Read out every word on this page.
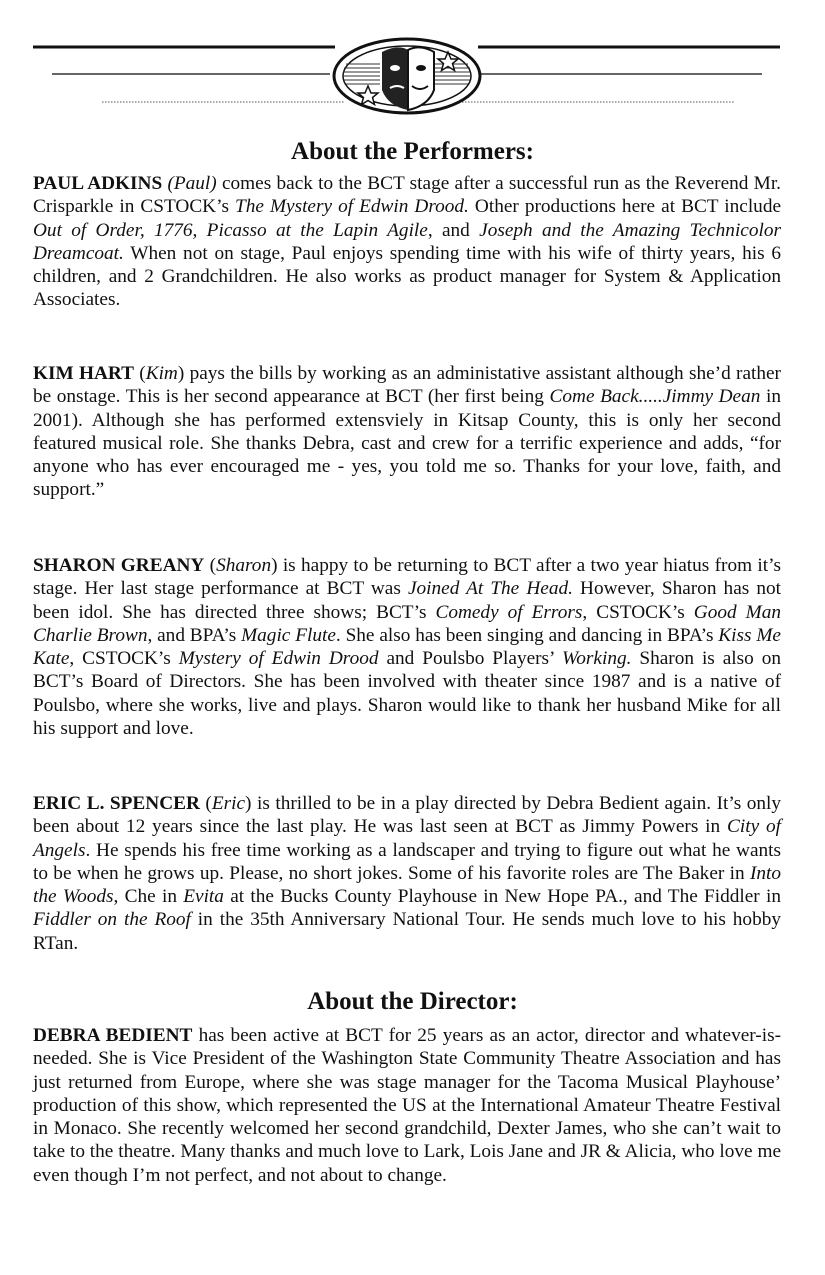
About the Performers:

PAUL ADKINS (Paul) comes back to the BCT stage after a successful run as the Reverend Mr. Crisparkle in CSTOCK’s The Mystery of Edwin Drood. Other productions here at BCT include Out of Order, 1776, Picasso at the Lapin Agile, and Joseph and the Amazing Technicolor Dreamcoat. When not on stage, Paul enjoys spending time with his wife of thirty years, his 6 children, and 2 Grandchildren. He also works as product manager for System & Application Associates.

KIM HART (Kim) pays the bills by working as an administative assistant although she’d rather be onstage. This is her second appearance at BCT (her first being Come Back.....Jimmy Dean in 2001). Although she has performed extensviely in Kitsap County, this is only her second featured musical role. She thanks Debra, cast and crew for a terrific experience and adds, “for anyone who has ever encouraged me - yes, you told me so. Thanks for your love, faith, and support.”

SHARON GREANY (Sharon) is happy to be returning to BCT after a two year hiatus from it’s stage. Her last stage performance at BCT was Joined At The Head. However, Sharon has not been idol. She has directed three shows; BCT’s Comedy of Errors, CSTOCK’s Good Man Charlie Brown, and BPA’s Magic Flute. She also has been singing and dancing in BPA’s Kiss Me Kate, CSTOCK’s Mystery of Edwin Drood and Poulsbo Players’ Working. Sharon is also on BCT’s Board of Directors. She has been involved with theater since 1987 and is a native of Poulsbo, where she works, live and plays. Sharon would like to thank her husband Mike for all his support and love.

ERIC L. SPENCER (Eric) is thrilled to be in a play directed by Debra Bedient again. It’s only been about 12 years since the last play. He was last seen at BCT as Jimmy Powers in City of Angels. He spends his free time working as a landscaper and trying to figure out what he wants to be when he grows up. Please, no short jokes. Some of his favorite roles are The Baker in Into the Woods, Che in Evita at the Bucks County Playhouse in New Hope PA., and The Fiddler in Fiddler on the Roof in the 35th Anniversary National Tour. He sends much love to his hobby RTan.

About the Director:

DEBRA BEDIENT has been active at BCT for 25 years as an actor, director and whatever-is-needed. She is Vice President of the Washington State Community Theatre Association and has just returned from Europe, where she was stage manager for the Tacoma Musical Playhouse’ production of this show, which represented the US at the International Amateur Theatre Festival in Monaco. She recently welcomed her second grandchild, Dexter James, who she can’t wait to take to the theatre. Many thanks and much love to Lark, Lois Jane and JR & Alicia, who love me even though I’m not perfect, and not about to change.
